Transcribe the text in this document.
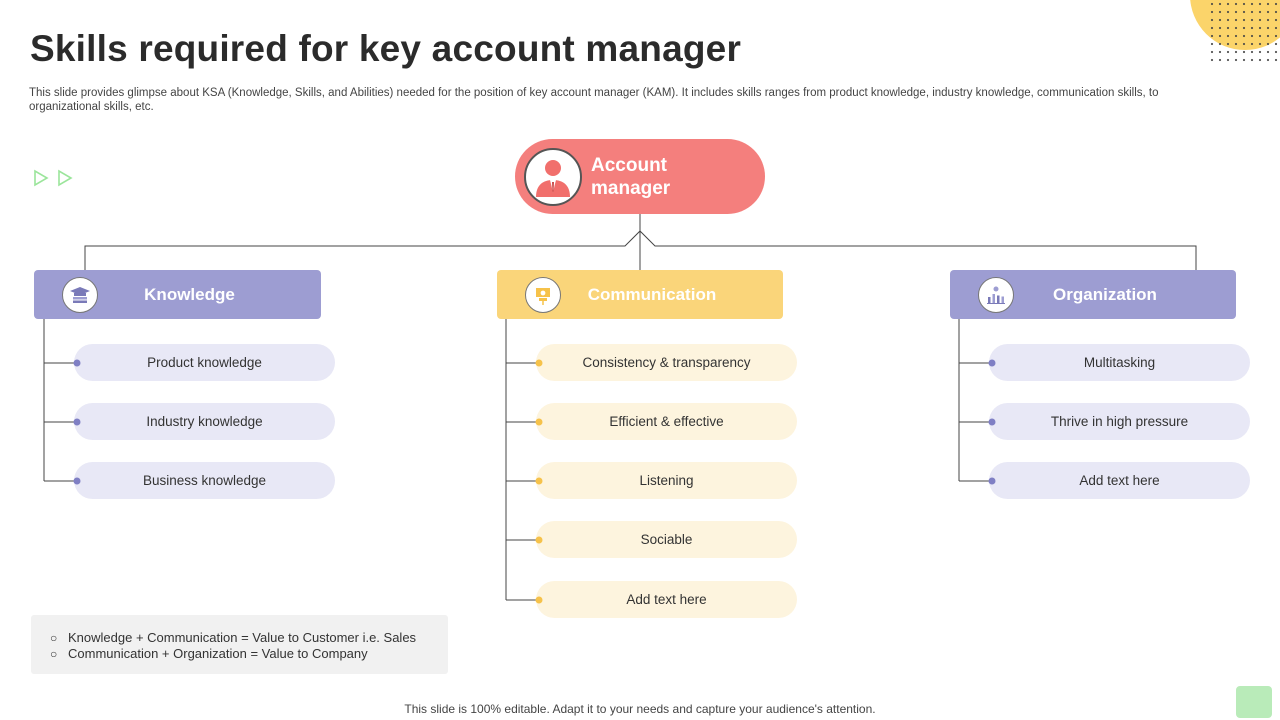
Skills required for key account manager
This slide provides glimpse about KSA (Knowledge, Skills, and Abilities) needed for the position of key account manager (KAM). It includes skills ranges from product knowledge, industry knowledge, communication skills, to organizational skills, etc.
Account manager
Knowledge
Product knowledge
Industry knowledge
Business knowledge
Communication
Consistency & transparency
Efficient & effective
Listening
Sociable
Add text here
Organization
Multitasking
Thrive in high pressure
Add text here
○ Knowledge + Communication = Value to Customer i.e. Sales
○ Communication + Organization = Value to Company
This slide is 100% editable. Adapt it to your needs and capture your audience's attention.
